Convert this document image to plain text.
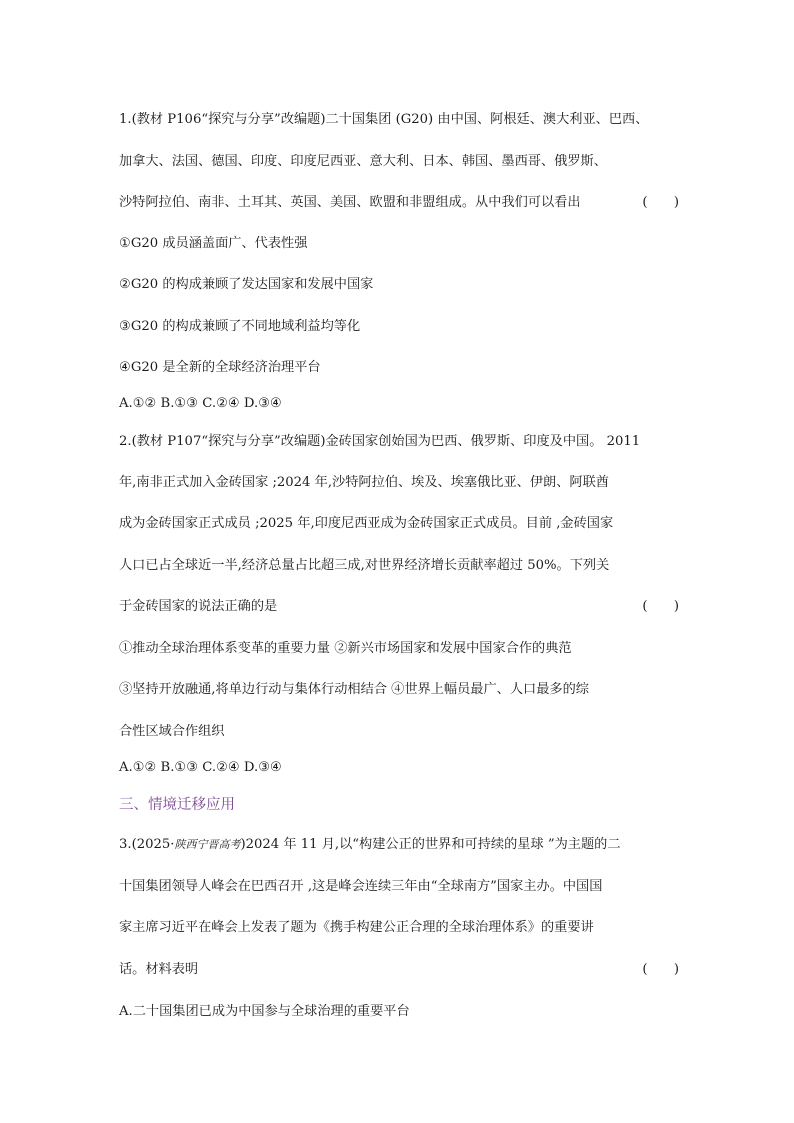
1.(教材 P106“探究与分享”改编题)二十国集团 (G20) 由中国、阿根廷、澳大利亚、巴西、
加拿大、法国、德国、印度、印度尼西亚、意大利、日本、韩国、墨西哥、俄罗斯、
沙特阿拉伯、南非、土耳其、英国、美国、欧盟和非盟组成。从中我们可以看出	(　　)
①G20 成员涵盖面广、代表性强
②G20 的构成兼顾了发达国家和发展中国家
③G20 的构成兼顾了不同地域利益均等化
④G20 是全新的全球经济治理平台
A.①② B.①③ C.②④ D.③④
2.(教材 P107“探究与分享”改编题)金砖国家创始国为巴西、俄罗斯、印度及中国。 2011
年,南非正式加入金砖国家 ;2024 年,沙特阿拉伯、埃及、埃塞俄比亚、伊朗、阿联酋
成为金砖国家正式成员 ;2025 年,印度尼西亚成为金砖国家正式成员。目前 ,金砖国家
人口已占全球近一半,经济总量占比超三成,对世界经济增长贡献率超过 50%。下列关
于金砖国家的说法正确的是	(　　)
①推动全球治理体系变革的重要力量 ②新兴市场国家和发展中国家合作的典范
③坚持开放融通,将单边行动与集体行动相结合 ④世界上幅员最广、人口最多的综
合性区域合作组织
A.①② B.①③ C.②④ D.③④
三、情境迁移应用
3.(2025·陕西宁晋高考)2024 年 11 月,以“构建公正的世界和可持续的星球 ”为主题的二
十国集团领导人峰会在巴西召开 ,这是峰会连续三年由“全球南方”国家主办。中国国
家主席习近平在峰会上发表了题为《携手构建公正合理的全球治理体系》的重要讲
话。材料表明	(　　)
A.二十国集团已成为中国参与全球治理的重要平台
